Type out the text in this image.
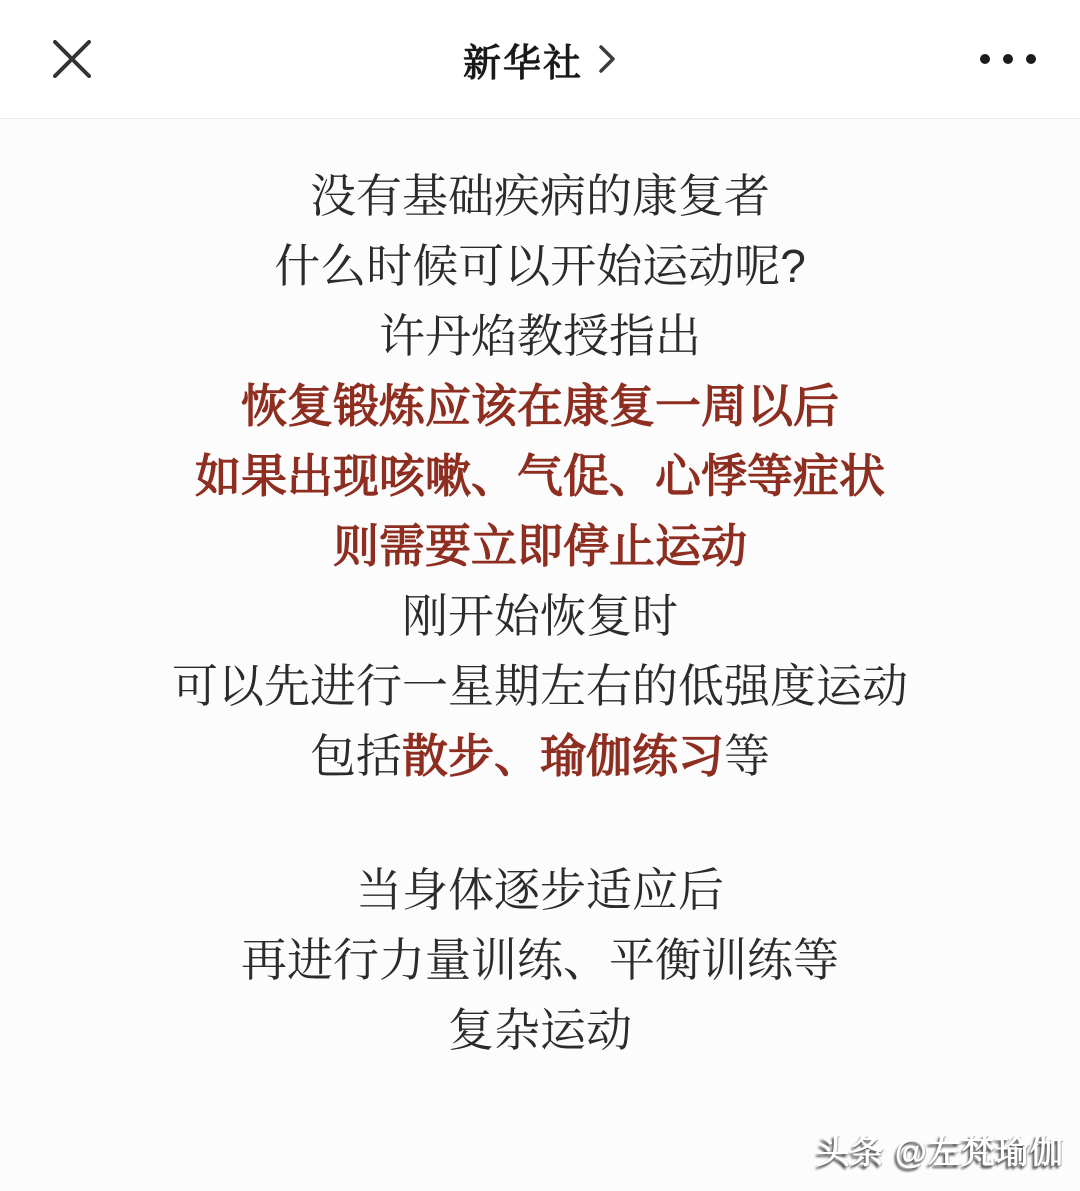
新华社
没有基础疾病的康复者
什么时候可以开始运动呢?
许丹焰教授指出
恢复锻炼应该在康复一周以后
如果出现咳嗽、气促、心悸等症状
则需要立即停止运动
刚开始恢复时
可以先进行一星期左右的低强度运动
包括散步、瑜伽练习等
当身体逐步适应后
再进行力量训练、平衡训练等
复杂运动
头条 @左梵瑜伽
